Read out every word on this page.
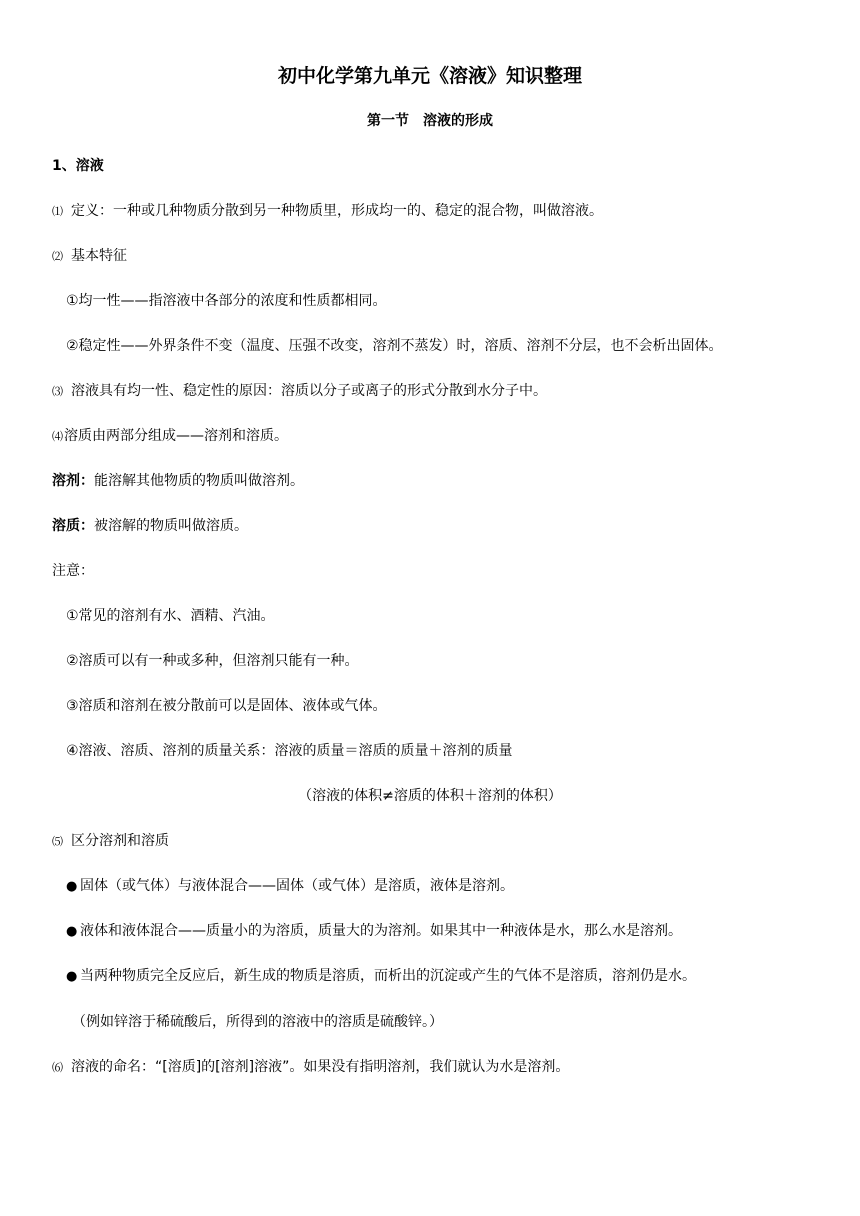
初中化学第九单元《溶液》知识整理
第一节　溶液的形成
1、溶液
⑴ 定义：一种或几种物质分散到另一种物质里，形成均一的、稳定的混合物，叫做溶液。
⑵ 基本特征
①均一性——指溶液中各部分的浓度和性质都相同。
②稳定性——外界条件不变（温度、压强不改变，溶剂不蒸发）时，溶质、溶剂不分层，也不会析出固体。
⑶ 溶液具有均一性、稳定性的原因：溶质以分子或离子的形式分散到水分子中。
⑷溶质由两部分组成——溶剂和溶质。
溶剂：能溶解其他物质的物质叫做溶剂。
溶质：被溶解的物质叫做溶质。
注意：
①常见的溶剂有水、酒精、汽油。
②溶质可以有一种或多种，但溶剂只能有一种。
③溶质和溶剂在被分散前可以是固体、液体或气体。
④溶液、溶质、溶剂的质量关系：溶液的质量＝溶质的质量＋溶剂的质量
（溶液的体积≠溶质的体积＋溶剂的体积）
⑸ 区分溶剂和溶质
● 固体（或气体）与液体混合——固体（或气体）是溶质，液体是溶剂。
● 液体和液体混合——质量小的为溶质，质量大的为溶剂。如果其中一种液体是水，那么水是溶剂。
● 当两种物质完全反应后，新生成的物质是溶质，而析出的沉淀或产生的气体不是溶质，溶剂仍是水。
（例如锌溶于稀硫酸后，所得到的溶液中的溶质是硫酸锌。）
⑹ 溶液的命名：“[溶质]的[溶剂]溶液”。如果没有指明溶剂，我们就认为水是溶剂。
